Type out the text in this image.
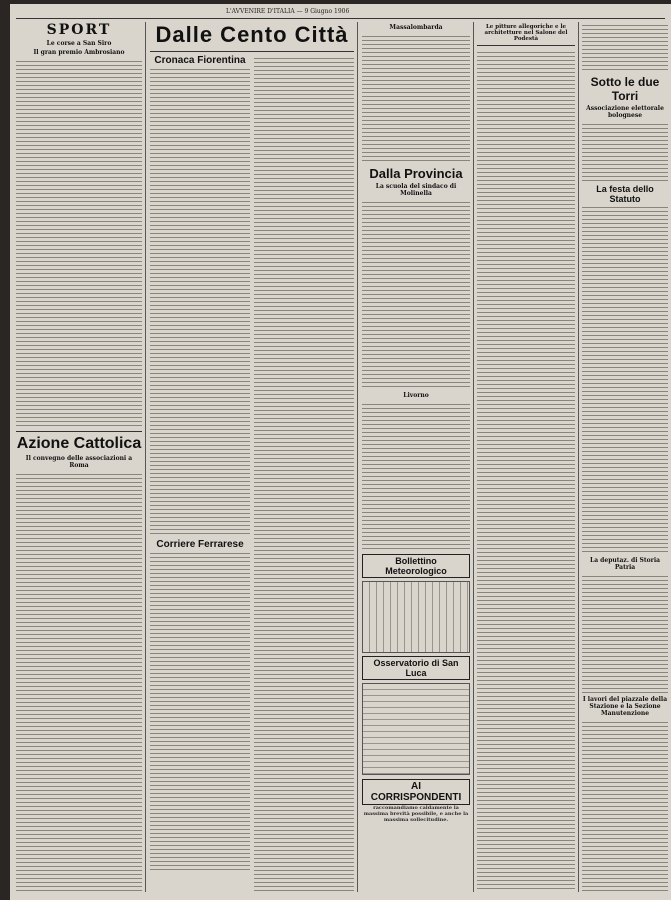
L'AVVENIRE D'ITALIA — 9 Giugno 1906
SPORT
Le corse a San Siro
Il gran premio Ambrosiano
Azione Cattolica
Il convegno delle associazioni a Roma
Dalle Cento Città
Cronaca Fiorentina
Corriere Ferrarese
Massalombarda
Dalla Provincia
La scuola del sindaco di Molinella
Livorno
Bollettino Meteorologico
Osservatorio di San Luca
AI CORRISPONDENTI
raccomandiamo caldamente la massima brevità possibile, e anche la massima sollecitudine.
Le pitture allegoriche e le architetture nel Salone del Podestà
Sotto le due Torri
Associazione elettorale bolognese
La festa dello Statuto
La deputaz. di Storia Patria
I lavori del piazzale della Stazione e la Sezione Manutenzione
